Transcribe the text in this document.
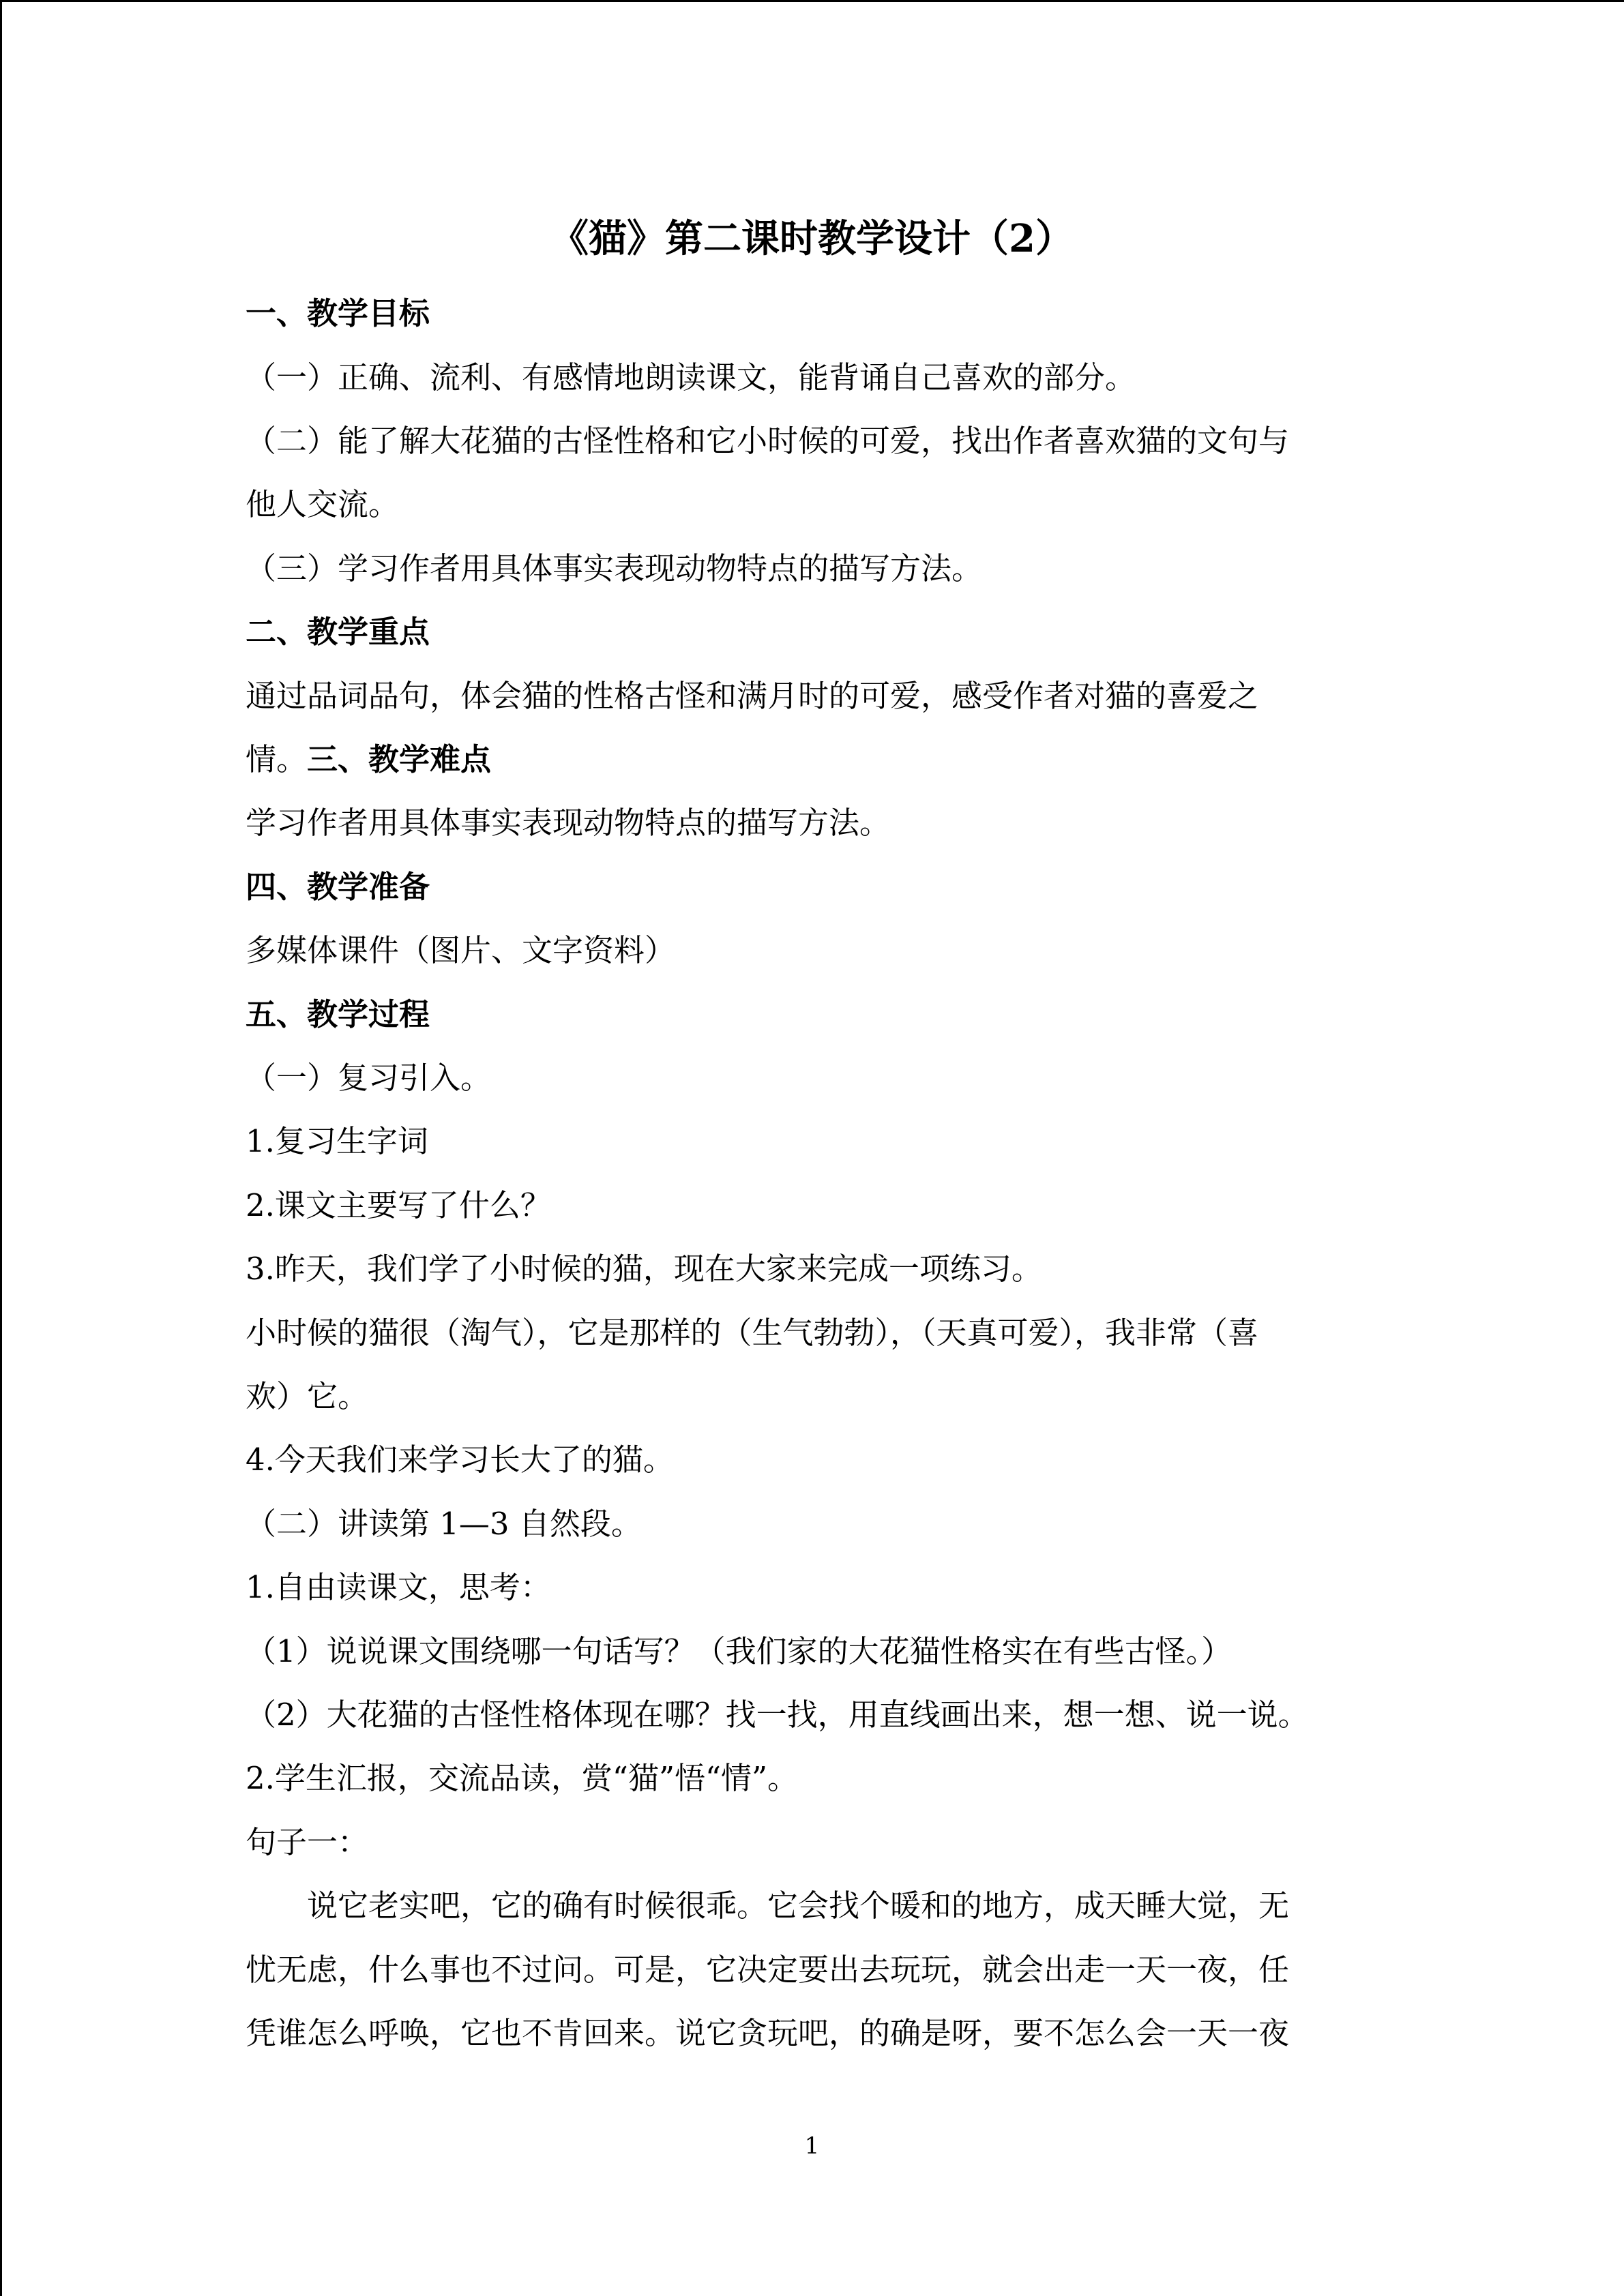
《猫》第二课时教学设计（2）
一、教学目标
（一）正确、流利、有感情地朗读课文，能背诵自己喜欢的部分。
（二）能了解大花猫的古怪性格和它小时候的可爱，找出作者喜欢猫的文句与
他人交流。
（三）学习作者用具体事实表现动物特点的描写方法。
二、教学重点
通过品词品句，体会猫的性格古怪和满月时的可爱，感受作者对猫的喜爱之
情。三、教学难点
学习作者用具体事实表现动物特点的描写方法。
四、教学准备
多媒体课件（图片、文字资料）
五、教学过程
（一）复习引入。
1.复习生字词
2.课文主要写了什么？
3.昨天，我们学了小时候的猫，现在大家来完成一项练习。
小时候的猫很（淘气），它是那样的（生气勃勃），（天真可爱），我非常（喜
欢）它。
4.今天我们来学习长大了的猫。
（二）讲读第 1—3 自然段。
1.自由读课文，思考：
（1）说说课文围绕哪一句话写？（我们家的大花猫性格实在有些古怪。）
（2）大花猫的古怪性格体现在哪？找一找，用直线画出来，想一想、说一说。
2.学生汇报，交流品读，赏“猫”悟“情”。
句子一：
说它老实吧，它的确有时候很乖。它会找个暖和的地方，成天睡大觉，无
忧无虑，什么事也不过问。可是，它决定要出去玩玩，就会出走一天一夜，任
凭谁怎么呼唤，它也不肯回来。说它贪玩吧，的确是呀，要不怎么会一天一夜
1
